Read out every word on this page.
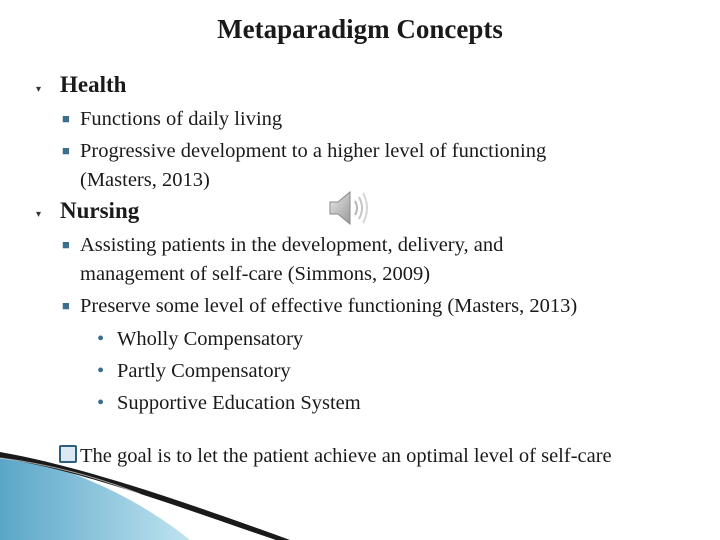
Metaparadigm Concepts
▾ Health
■ Functions of daily living
■ Progressive development to a higher level of functioning
(Masters, 2013)
▾ Nursing
■ Assisting patients in the development, delivery, and
management of self-care (Simmons, 2009)
■ Preserve some level of effective functioning (Masters, 2013)
• Wholly Compensatory
• Partly Compensatory
• Supportive Education System
The goal is to let the patient achieve an optimal level of self-care
